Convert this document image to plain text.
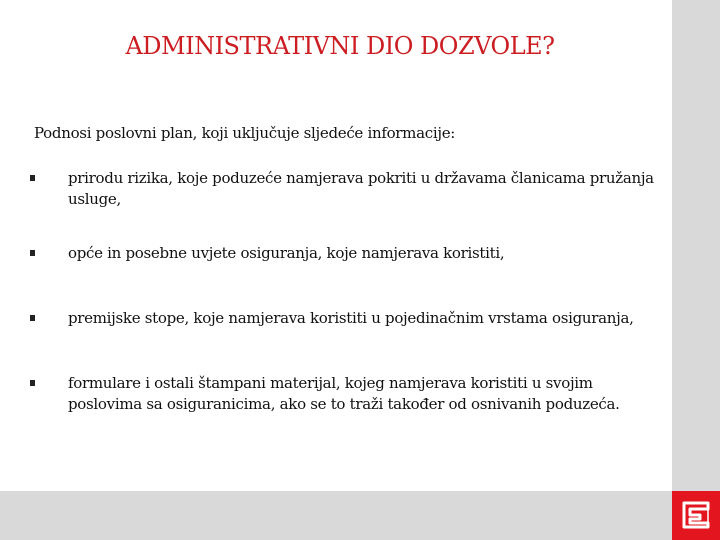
ADMINISTRATIVNI DIO DOZVOLE?

Podnosi poslovni plan, koji uključuje sljedeće informacije:

prirodu rizika, koje poduzeće namjerava pokriti u državama članicama pružanja usluge,
opće in posebne uvjete osiguranja, koje namjerava koristiti,
premijske stope, koje namjerava koristiti u pojedinačnim vrstama osiguranja,
formulare i ostali štampani materijal, kojeg namjerava koristiti u svojim poslovima sa osiguranicima, ako se to traži također od osnivanih poduzeća.
